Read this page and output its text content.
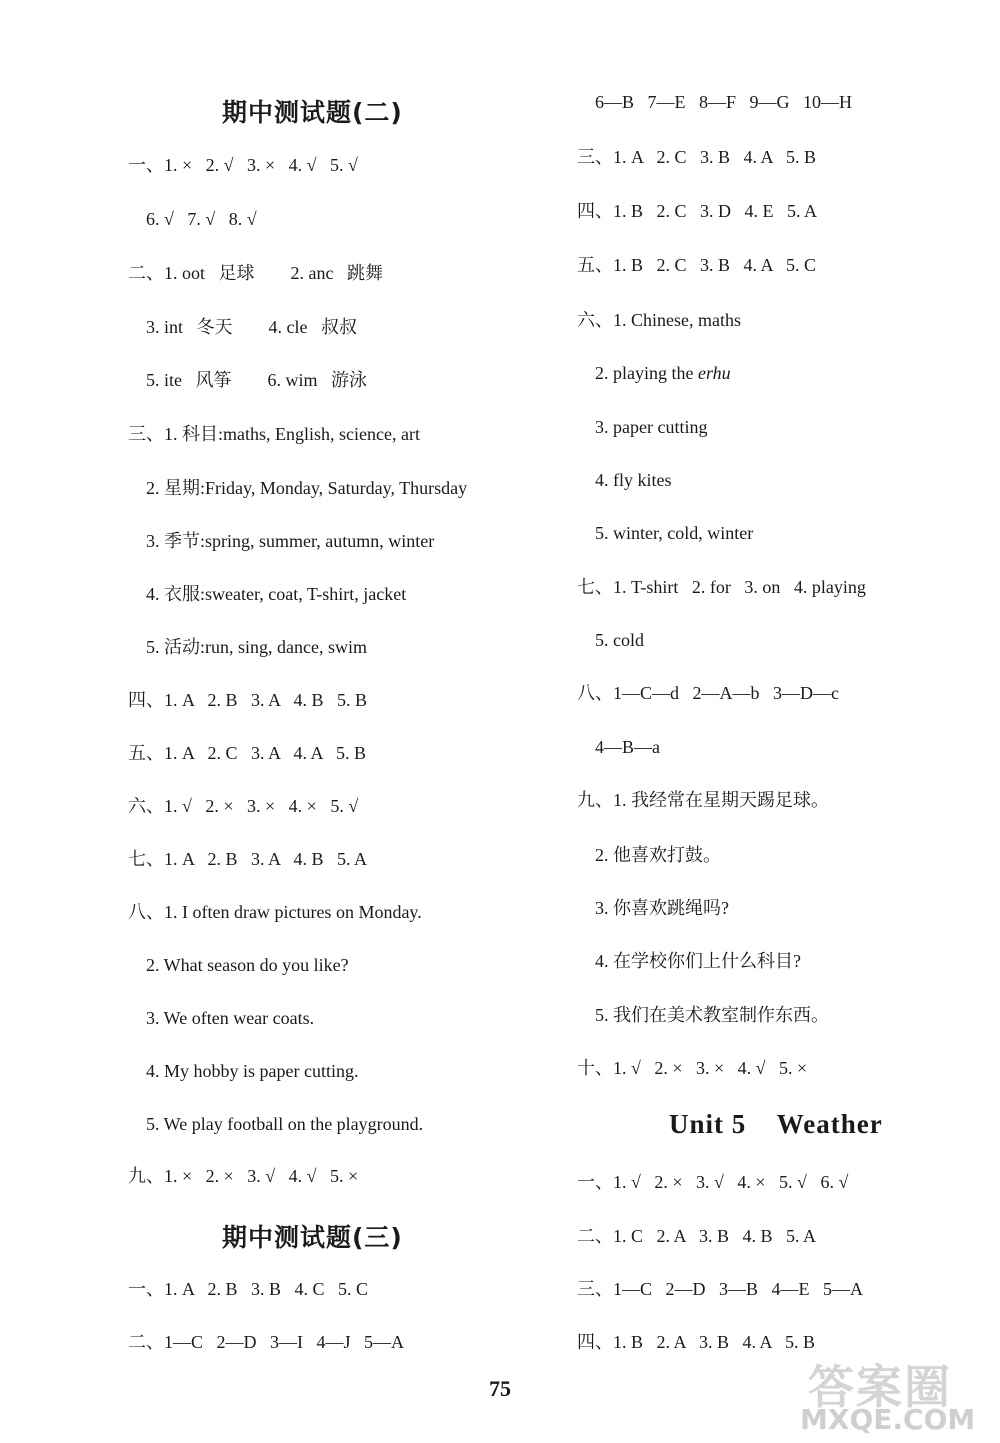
期中测试题(二)
一、1. ×   2. √   3. ×   4. √   5. √
6. √   7. √   8. √
二、1. oot   足球        2. anc   跳舞
3. int   冬天        4. cle   叔叔
5. ite   风筝        6. wim   游泳
三、1. 科目:maths, English, science, art
2. 星期:Friday, Monday, Saturday, Thursday
3. 季节:spring, summer, autumn, winter
4. 衣服:sweater, coat, T-shirt, jacket
5. 活动:run, sing, dance, swim
四、1. A   2. B   3. A   4. B   5. B
五、1. A   2. C   3. A   4. A   5. B
六、1. √   2. ×   3. ×   4. ×   5. √
七、1. A   2. B   3. A   4. B   5. A
八、1. I often draw pictures on Monday.
2. What season do you like?
3. We often wear coats.
4. My hobby is paper cutting.
5. We play football on the playground.
九、1. ×   2. ×   3. √   4. √   5. ×
期中测试题(三)
一、1. A   2. B   3. B   4. C   5. C
二、1—C   2—D   3—I   4—J   5—A
6—B   7—E   8—F   9—G   10—H
三、1. A   2. C   3. B   4. A   5. B
四、1. B   2. C   3. D   4. E   5. A
五、1. B   2. C   3. B   4. A   5. C
六、1. Chinese, maths
2. playing the erhu
3. paper cutting
4. fly kites
5. winter, cold, winter
七、1. T-shirt   2. for   3. on   4. playing
5. cold
八、1—C—d   2—A—b   3—D—c
4—B—a
九、1. 我经常在星期天踢足球。
2. 他喜欢打鼓。
3. 你喜欢跳绳吗?
4. 在学校你们上什么科目?
5. 我们在美术教室制作东西。
十、1. √   2. ×   3. ×   4. √   5. ×
Unit 5    Weather
一、1. √   2. ×   3. √   4. ×   5. √   6. √
二、1. C   2. A   3. B   4. B   5. A
三、1—C   2—D   3—B   4—E   5—A
四、1. B   2. A   3. B   4. A   5. B
75	答案圈
MXQE.COM
